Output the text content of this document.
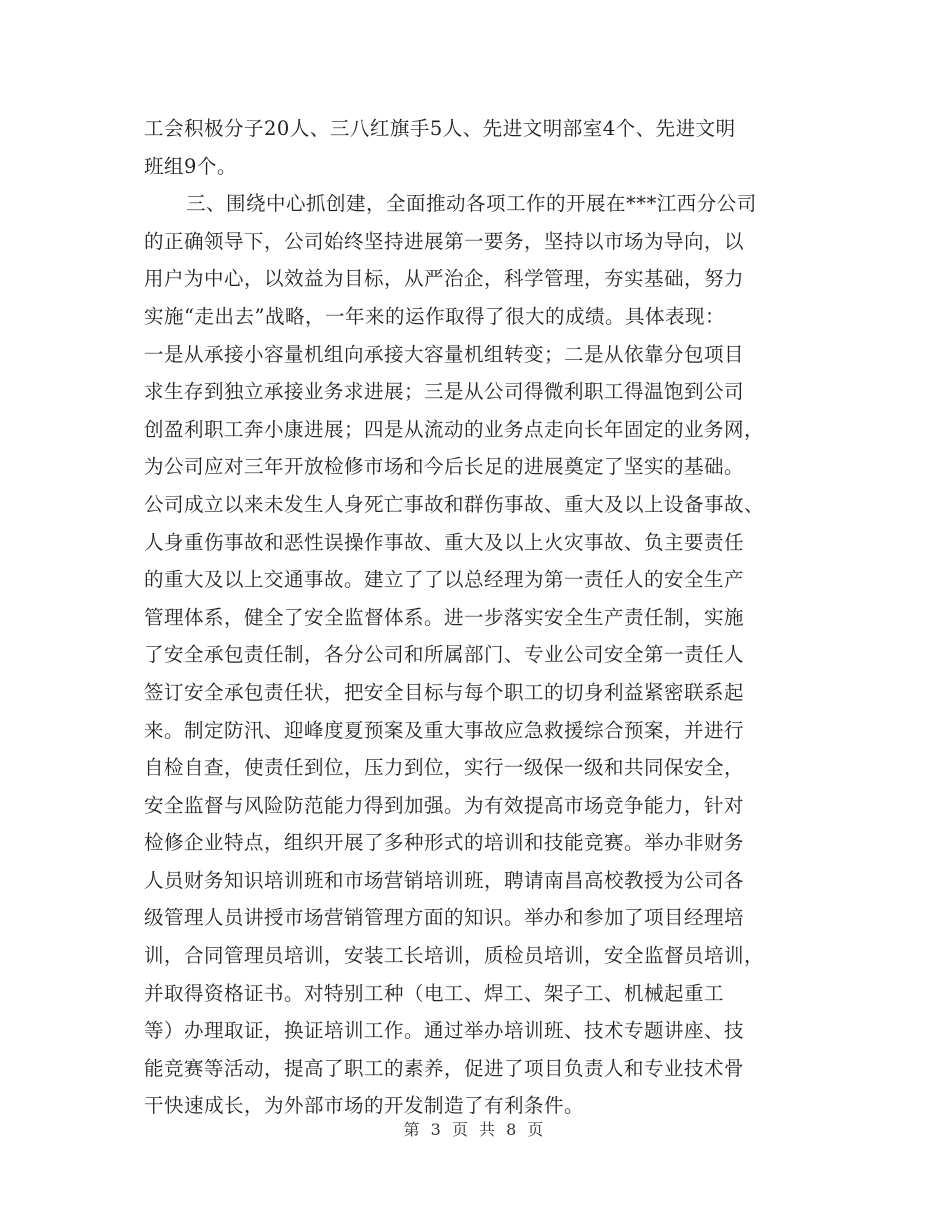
工会积极分子20人、三八红旗手5人、先进文明部室4个、先进文明
班组9个。
三、围绕中心抓创建，全面推动各项工作的开展在***江西分公司
的正确领导下，公司始终坚持进展第一要务，坚持以市场为导向，以
用户为中心，以效益为目标，从严治企，科学管理，夯实基础，努力
实施“走出去”战略，一年来的运作取得了很大的成绩。具体表现：
一是从承接小容量机组向承接大容量机组转变；二是从依靠分包项目
求生存到独立承接业务求进展；三是从公司得微利职工得温饱到公司
创盈利职工奔小康进展；四是从流动的业务点走向长年固定的业务网，
为公司应对三年开放检修市场和今后长足的进展奠定了坚实的基础。
公司成立以来未发生人身死亡事故和群伤事故、重大及以上设备事故、
人身重伤事故和恶性误操作事故、重大及以上火灾事故、负主要责任
的重大及以上交通事故。建立了了以总经理为第一责任人的安全生产
管理体系，健全了安全监督体系。进一步落实安全生产责任制，实施
了安全承包责任制，各分公司和所属部门、专业公司安全第一责任人
签订安全承包责任状，把安全目标与每个职工的切身利益紧密联系起
来。制定防汛、迎峰度夏预案及重大事故应急救援综合预案，并进行
自检自查，使责任到位，压力到位，实行一级保一级和共同保安全，
安全监督与风险防范能力得到加强。为有效提高市场竞争能力，针对
检修企业特点，组织开展了多种形式的培训和技能竞赛。举办非财务
人员财务知识培训班和市场营销培训班，聘请南昌高校教授为公司各
级管理人员讲授市场营销管理方面的知识。举办和参加了项目经理培
训，合同管理员培训，安装工长培训，质检员培训，安全监督员培训，
并取得资格证书。对特别工种（电工、焊工、架子工、机械起重工
等）办理取证，换证培训工作。通过举办培训班、技术专题讲座、技
能竞赛等活动，提高了职工的素养，促进了项目负责人和专业技术骨
干快速成长，为外部市场的开发制造了有利条件。
第 3 页 共 8 页
